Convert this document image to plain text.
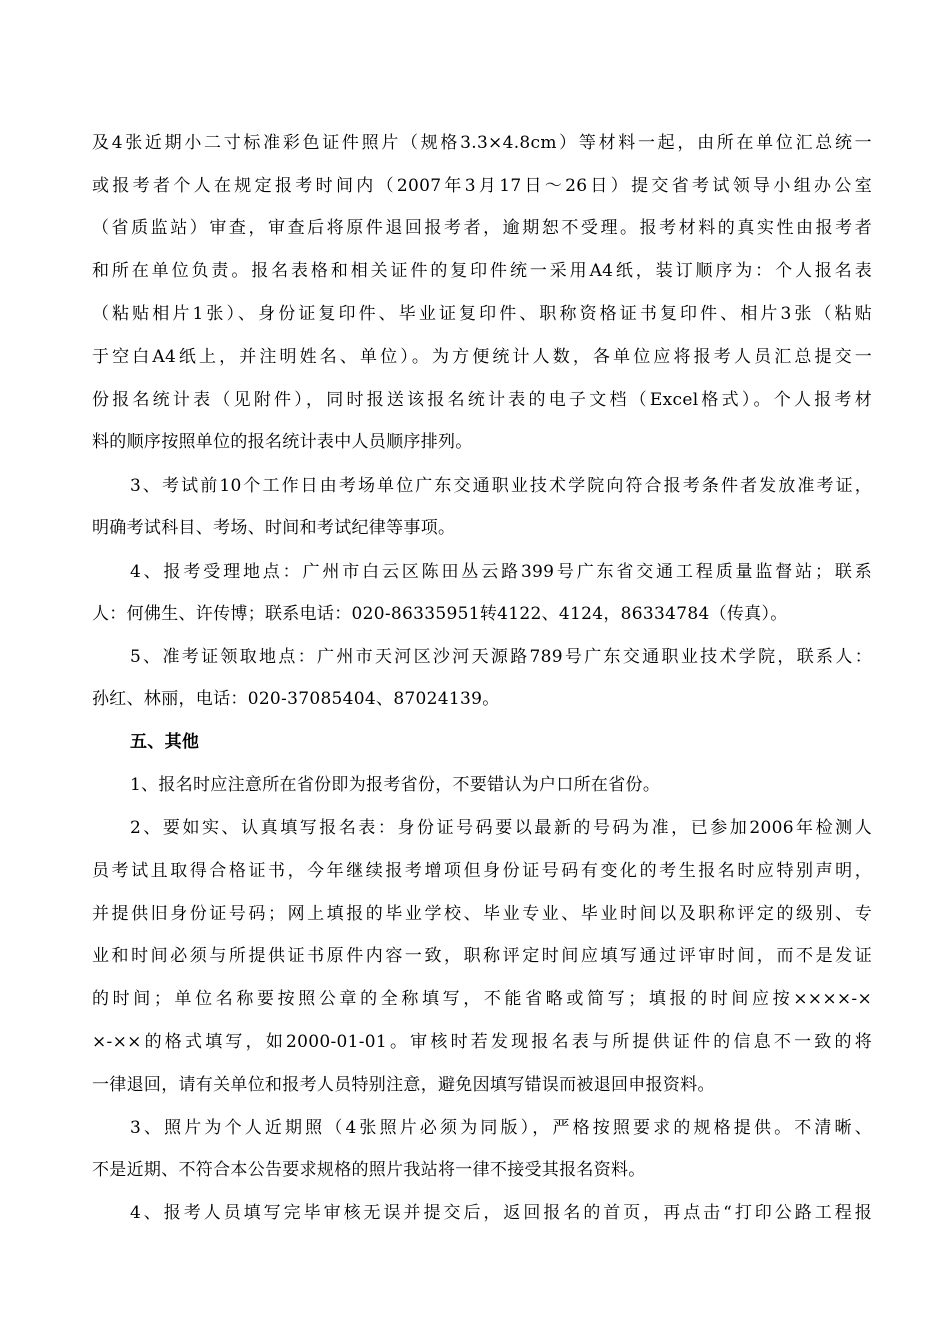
及4张近期小二寸标准彩色证件照片（规格3.3×4.8cm）等材料一起，由所在单位汇总统一
或报考者个人在规定报考时间内（2007年3月17日～26日）提交省考试领导小组办公室
（省质监站）审查，审查后将原件退回报考者，逾期恕不受理。报考材料的真实性由报考者
和所在单位负责。报名表格和相关证件的复印件统一采用A4纸，装订顺序为：个人报名表
（粘贴相片1张）、身份证复印件、毕业证复印件、职称资格证书复印件、相片3张（粘贴
于空白A4纸上，并注明姓名、单位）。为方便统计人数，各单位应将报考人员汇总提交一
份报名统计表（见附件），同时报送该报名统计表的电子文档（Excel格式）。个人报考材
料的顺序按照单位的报名统计表中人员顺序排列。
3、考试前10个工作日由考场单位广东交通职业技术学院向符合报考条件者发放准考证，
明确考试科目、考场、时间和考试纪律等事项。
4、报考受理地点：广州市白云区陈田丛云路399号广东省交通工程质量监督站；联系
人：何佛生、许传博；联系电话：020-86335951转4122、4124，86334784（传真）。
5、准考证领取地点：广州市天河区沙河天源路789号广东交通职业技术学院，联系人：
孙红、林丽，电话：020-37085404、87024139。
五、其他
1、报名时应注意所在省份即为报考省份，不要错认为户口所在省份。
2、要如实、认真填写报名表：身份证号码要以最新的号码为准，已参加2006年检测人
员考试且取得合格证书，今年继续报考增项但身份证号码有变化的考生报名时应特别声明，
并提供旧身份证号码；网上填报的毕业学校、毕业专业、毕业时间以及职称评定的级别、专
业和时间必须与所提供证书原件内容一致，职称评定时间应填写通过评审时间，而不是发证
的时间；单位名称要按照公章的全称填写，不能省略或简写；填报的时间应按××××-×
×-××的格式填写，如2000-01-01。审核时若发现报名表与所提供证件的信息不一致的将
一律退回，请有关单位和报考人员特别注意，避免因填写错误而被退回申报资料。
3、照片为个人近期照（4张照片必须为同版），严格按照要求的规格提供。不清晰、
不是近期、不符合本公告要求规格的照片我站将一律不接受其报名资料。
4、报考人员填写完毕审核无误并提交后，返回报名的首页，再点击“打印公路工程报
